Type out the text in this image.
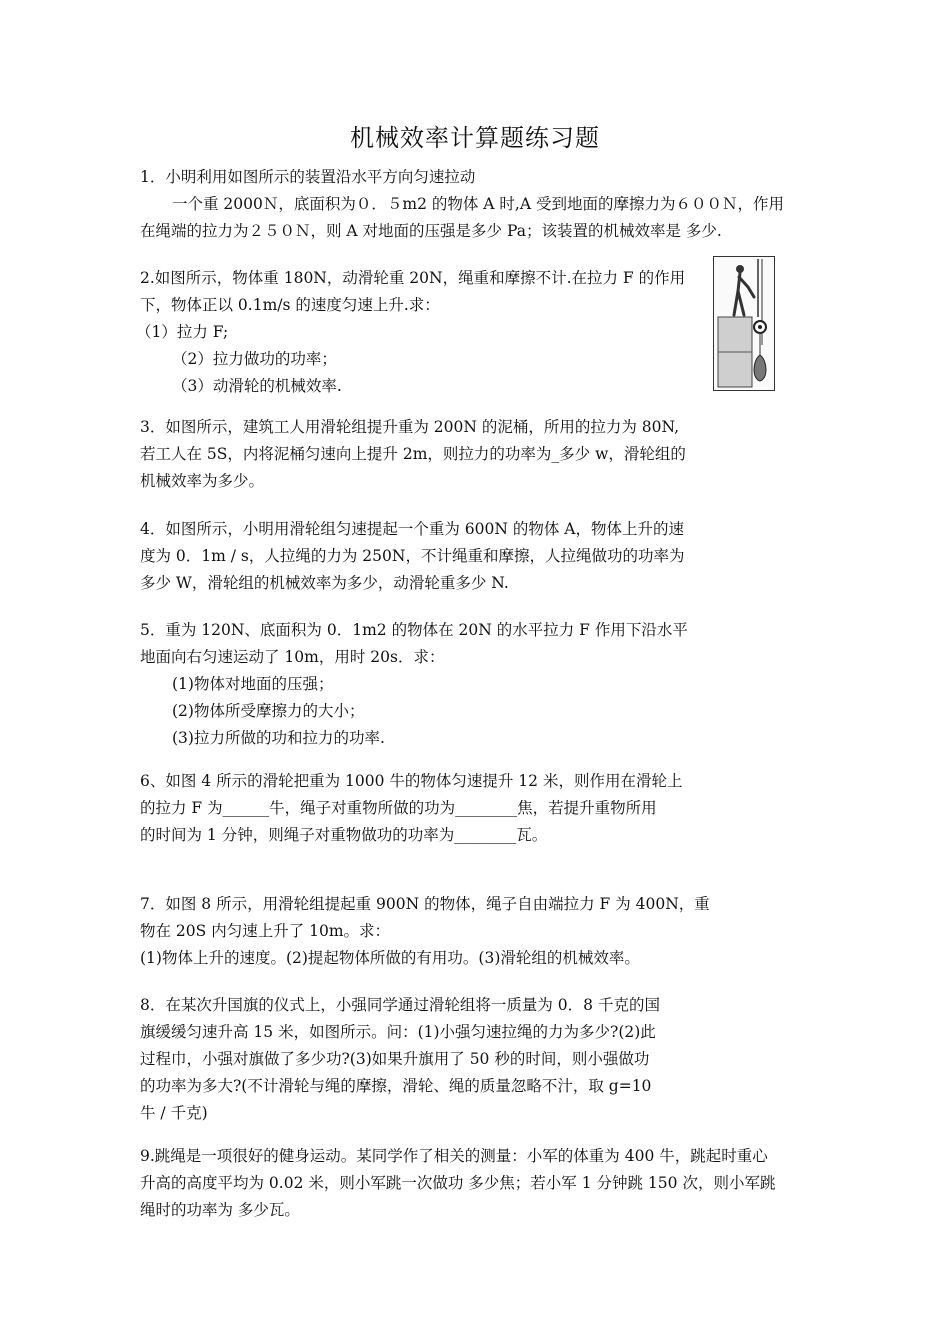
机械效率计算题练习题
1．小明利用如图所示的装置沿水平方向匀速拉动
一个重 2000Ｎ，底面积为０．５m2 的物体 A 时,A 受到地面的摩擦力为６００Ｎ，作用
在绳端的拉力为２５０Ｎ，则 A 对地面的压强是多少 Pa；该装置的机械效率是 多少.
2.如图所示，物体重 180N，动滑轮重 20N，绳重和摩擦不计.在拉力 F 的作用
下，物体正以 0.1m/s 的速度匀速上升.求：
（1）拉力 F;
（2）拉力做功的功率；
（3）动滑轮的机械效率.
3．如图所示，建筑工人用滑轮组提升重为 200N 的泥桶，所用的拉力为 80N,
若工人在 5S，内将泥桶匀速向上提升 2m，则拉力的功率为_多少 w，滑轮组的
机械效率为多少。
4．如图所示，小明用滑轮组匀速提起一个重为 600N 的物体 A，物体上升的速
度为 0．1m / s，人拉绳的力为 250N，不计绳重和摩擦，人拉绳做功的功率为
多少 W，滑轮组的机械效率为多少，动滑轮重多少 N.
5．重为 120N、底面积为 0．1m2 的物体在 20N 的水平拉力 F 作用下沿水平
地面向右匀速运动了 10m，用时 20s．求：
(1)物体对地面的压强；
(2)物体所受摩擦力的大小；
(3)拉力所做的功和拉力的功率.
6、如图 4 所示的滑轮把重为 1000 牛的物体匀速提升 12 米，则作用在滑轮上
的拉力 F 为______牛，绳子对重物所做的功为________焦，若提升重物所用
的时间为 1 分钟，则绳子对重物做功的功率为________瓦。
7．如图 8 所示，用滑轮组提起重 900N 的物体，绳子自由端拉力 F 为 400N，重
物在 20S 内匀速上升了 10m。求：
(1)物体上升的速度。(2)提起物体所做的有用功。(3)滑轮组的机械效率。
8．在某次升国旗的仪式上，小强同学通过滑轮组将一质量为 0．8 千克的国
旗缓缓匀速升高 15 米，如图所示。问：(1)小强匀速拉绳的力为多少?(2)此
过程巾，小强对旗做了多少功?(3)如果升旗用了 50 秒的时间，则小强做功
的功率为多大?(不计滑轮与绳的摩擦，滑轮、绳的质量忽略不汁，取 g=10
牛 / 千克)
9.跳绳是一项很好的健身运动。某同学作了相关的测量：小军的体重为 400 牛，跳起时重心
升高的高度平均为 0.02 米，则小军跳一次做功 多少焦；若小军 1 分钟跳 150 次，则小军跳
绳时的功率为 多少瓦。
